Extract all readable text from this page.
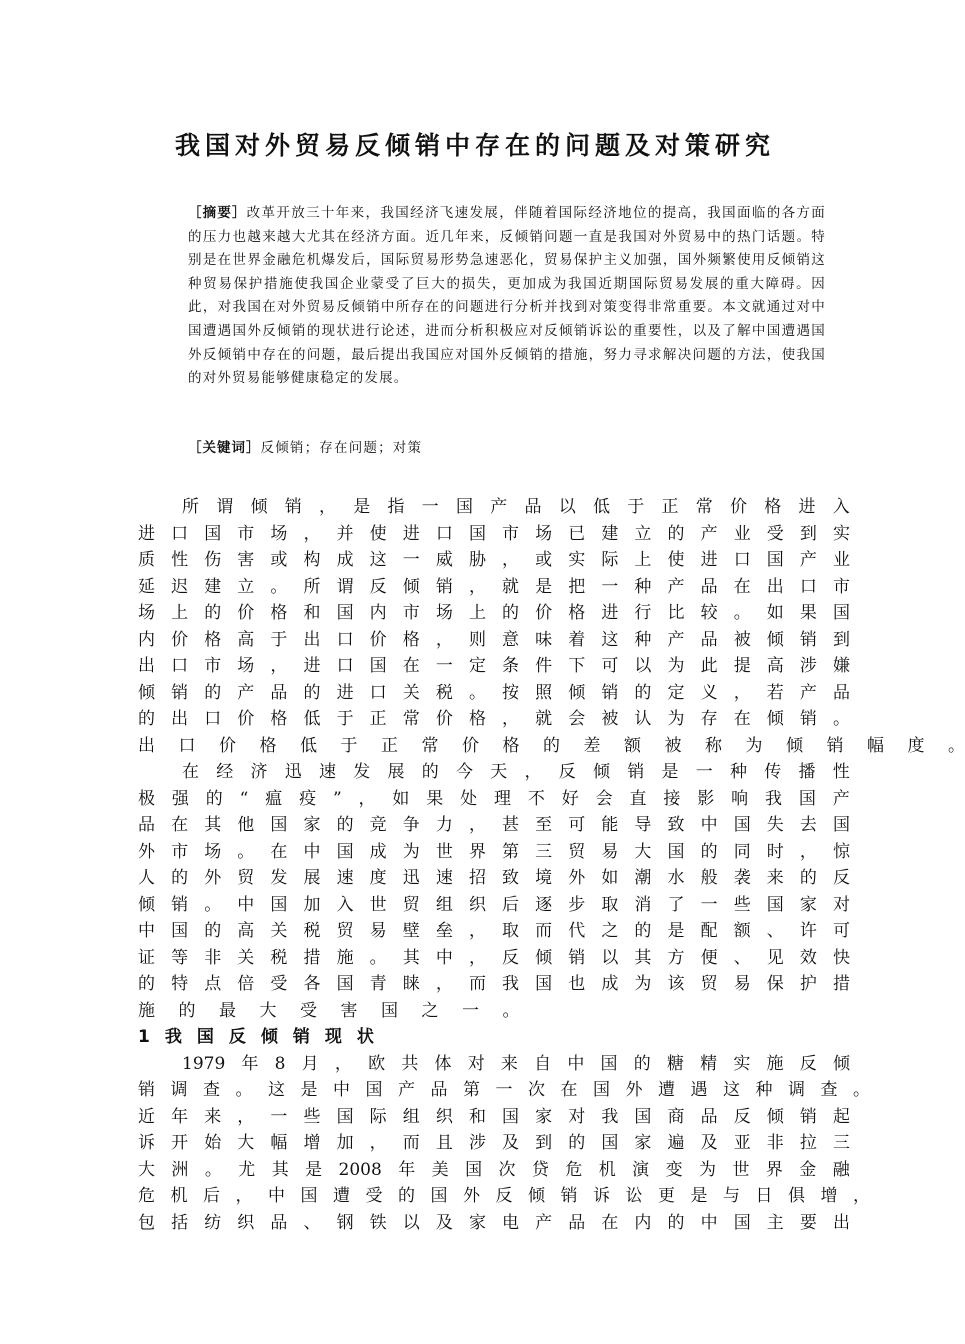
我国对外贸易反倾销中存在的问题及对策研究
［摘要］改革开放三十年来，我国经济飞速发展，伴随着国际经济地位的提高，我国面临的各方面的压力也越来越大尤其在经济方面。近几年来，反倾销问题一直是我国对外贸易中的热门话题。特别是在世界金融危机爆发后，国际贸易形势急速恶化，贸易保护主义加强，国外频繁使用反倾销这种贸易保护措施使我国企业蒙受了巨大的损失，更加成为我国近期国际贸易发展的重大障碍。因此，对我国在对外贸易反倾销中所存在的问题进行分析并找到对策变得非常重要。本文就通过对中国遭遇国外反倾销的现状进行论述，进而分析积极应对反倾销诉讼的重要性，以及了解中国遭遇国外反倾销中存在的问题，最后提出我国应对国外反倾销的措施，努力寻求解决问题的方法，使我国的对外贸易能够健康稳定的发展。
［关键词］反倾销；存在问题；对策
所 谓 倾 销 ， 是 指 一 国 产 品 以 低 于 正 常 价 格 进 入
进 口 国 市 场 ， 并 使 进 口 国 市 场 已 建 立 的 产 业 受 到 实
质 性 伤 害 或 构 成 这 一 威 胁 ， 或 实 际 上 使 进 口 国 产 业
延 迟 建 立 。 所 谓 反 倾 销 ， 就 是 把 一 种 产 品 在 出 口 市
场 上 的 价 格 和 国 内 市 场 上 的 价 格 进 行 比 较 。 如 果 国
内 价 格 高 于 出 口 价 格 ， 则 意 味 着 这 种 产 品 被 倾 销 到
出 口 市 场 ， 进 口 国 在 一 定 条 件 下 可 以 为 此 提 高 涉 嫌
倾 销 的 产 品 的 进 口 关 税 。 按 照 倾 销 的 定 义 ， 若 产 品
的 出 口 价 格 低 于 正 常 价 格 ， 就 会 被 认 为 存 在 倾 销 。
出 口 价 格 低 于 正 常 价 格 的 差 额 被 称 为 倾 销 幅 度 。
在 经 济 迅 速 发 展 的 今 天 ， 反 倾 销 是 一 种 传 播 性
极 强 的 “ 瘟 疫 ” ， 如 果 处 理 不 好 会 直 接 影 响 我 国 产
品 在 其 他 国 家 的 竞 争 力 ， 甚 至 可 能 导 致 中 国 失 去 国
外 市 场 。 在 中 国 成 为 世 界 第 三 贸 易 大 国 的 同 时 ， 惊
人 的 外 贸 发 展 速 度 迅 速 招 致 境 外 如 潮 水 般 袭 来 的 反
倾 销 。 中 国 加 入 世 贸 组 织 后 逐 步 取 消 了 一 些 国 家 对
中 国 的 高 关 税 贸 易 壁 垒 ， 取 而 代 之 的 是 配 额 、 许 可
证 等 非 关 税 措 施 。 其 中 ， 反 倾 销 以 其 方 便 、 见 效 快
的 特 点 倍 受 各 国 青 睐 ， 而 我 国 也 成 为 该 贸 易 保 护 措
施 的 最 大 受 害 国 之 一 。
1 我 国 反 倾 销 现 状
1979 年 8 月 ， 欧 共 体 对 来 自 中 国 的 糖 精 实 施 反 倾
销 调 查 。 这 是 中 国 产 品 第 一 次 在 国 外 遭 遇 这 种 调 查 。
近 年 来 ， 一 些 国 际 组 织 和 国 家 对 我 国 商 品 反 倾 销 起
诉 开 始 大 幅 增 加 ， 而 且 涉 及 到 的 国 家 遍 及 亚 非 拉 三
大 洲 。 尤 其 是 2008 年 美 国 次 贷 危 机 演 变 为 世 界 金 融
危 机 后 ， 中 国 遭 受 的 国 外 反 倾 销 诉 讼 更 是 与 日 俱 增 ，
包 括 纺 织 品 、 钢 铁 以 及 家 电 产 品 在 内 的 中 国 主 要 出
